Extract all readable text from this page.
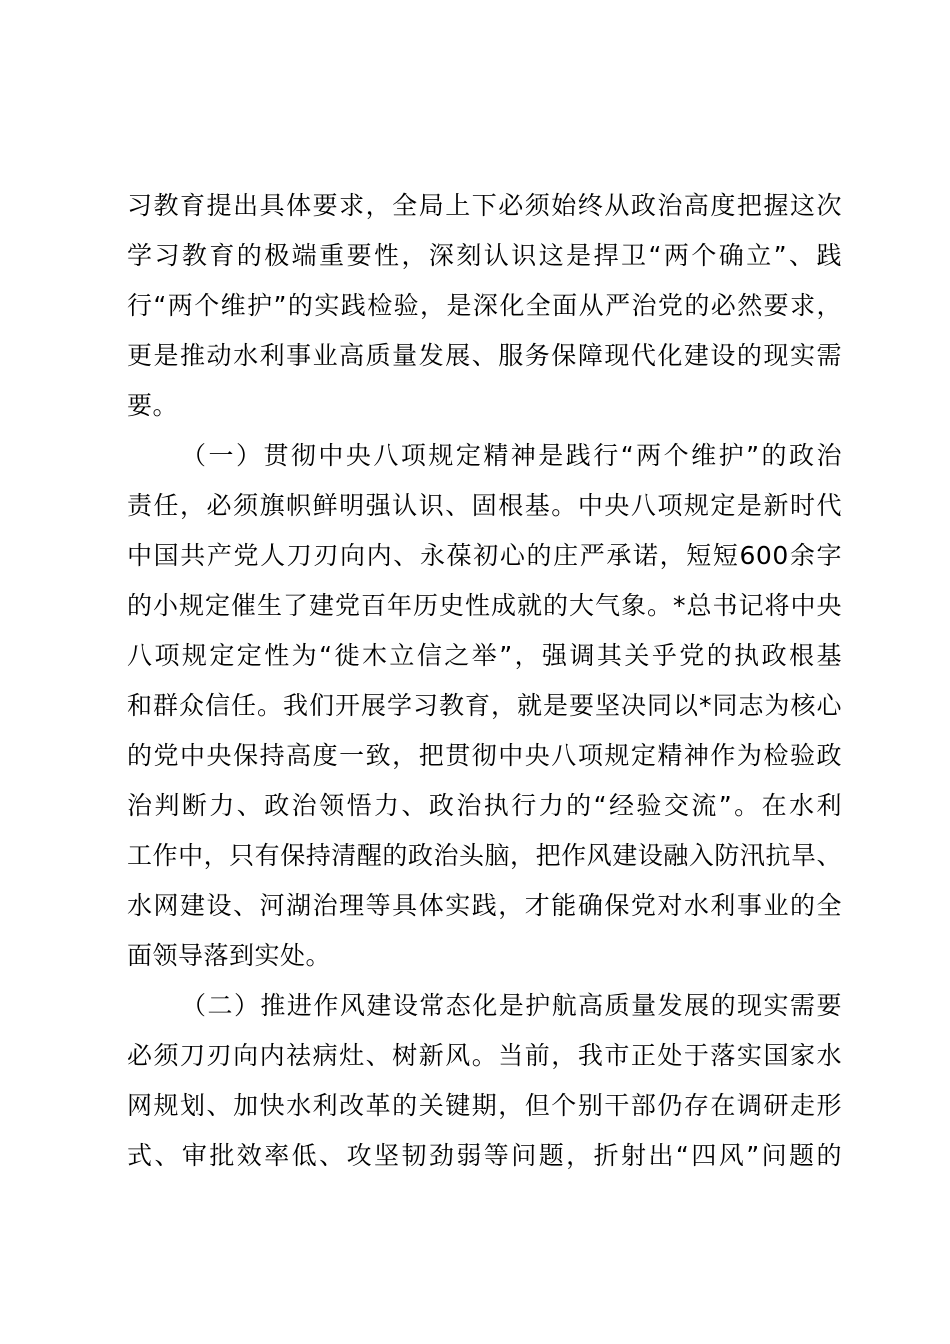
习教育提出具体要求，全局上下必须始终从政治高度把握这次
学习教育的极端重要性，深刻认识这是捍卫“两个确立”、践
行“两个维护”的实践检验，是深化全面从严治党的必然要求，
更是推动水利事业高质量发展、服务保障现代化建设的现实需
要。

（一）贯彻中央八项规定精神是践行“两个维护”的政治
责任，必须旗帜鲜明强认识、固根基。中央八项规定是新时代
中国共产党人刀刃向内、永葆初心的庄严承诺，短短600余字
的小规定催生了建党百年历史性成就的大气象。*总书记将中央
八项规定定性为“徙木立信之举”，强调其关乎党的执政根基
和群众信任。我们开展学习教育，就是要坚决同以*同志为核心
的党中央保持高度一致，把贯彻中央八项规定精神作为检验政
治判断力、政治领悟力、政治执行力的“经验交流”。在水利
工作中，只有保持清醒的政治头脑，把作风建设融入防汛抗旱、
水网建设、河湖治理等具体实践，才能确保党对水利事业的全
面领导落到实处。

（二）推进作风建设常态化是护航高质量发展的现实需要
必须刀刃向内祛病灶、树新风。当前，我市正处于落实国家水
网规划、加快水利改革的关键期，但个别干部仍存在调研走形
式、审批效率低、攻坚韧劲弱等问题，折射出“四风”问题的
